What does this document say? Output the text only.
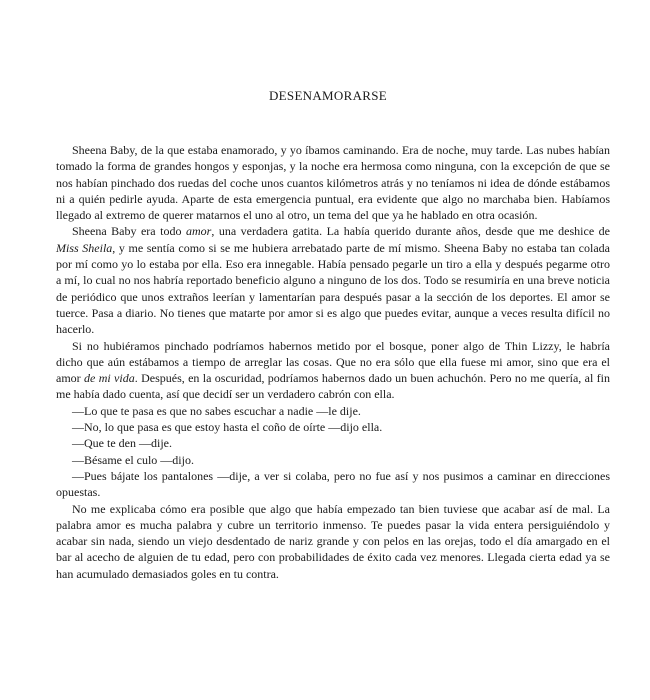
DESENAMORARSE

Sheena Baby, de la que estaba enamorado, y yo íbamos caminando. Era de noche, muy tarde. Las nubes habían tomado la forma de grandes hongos y esponjas, y la noche era hermosa como ninguna, con la excepción de que se nos habían pinchado dos ruedas del coche unos cuantos kilómetros atrás y no teníamos ni idea de dónde estábamos ni a quién pedirle ayuda. Aparte de esta emergencia puntual, era evidente que algo no marchaba bien. Habíamos llegado al extremo de querer matarnos el uno al otro, un tema del que ya he hablado en otra ocasión.

Sheena Baby era todo amor, una verdadera gatita. La había querido durante años, desde que me deshice de Miss Sheila, y me sentía como si se me hubiera arrebatado parte de mí mismo. Sheena Baby no estaba tan colada por mí como yo lo estaba por ella. Eso era innegable. Había pensado pegarle un tiro a ella y después pegarme otro a mí, lo cual no nos habría reportado beneficio alguno a ninguno de los dos. Todo se resumiría en una breve noticia de periódico que unos extraños leerían y lamentarían para después pasar a la sección de los deportes. El amor se tuerce. Pasa a diario. No tienes que matarte por amor si es algo que puedes evitar, aunque a veces resulta difícil no hacerlo.

Si no hubiéramos pinchado podríamos habernos metido por el bosque, poner algo de Thin Lizzy, le habría dicho que aún estábamos a tiempo de arreglar las cosas. Que no era sólo que ella fuese mi amor, sino que era el amor de mi vida. Después, en la oscuridad, podríamos habernos dado un buen achuchón. Pero no me quería, al fin me había dado cuenta, así que decidí ser un verdadero cabrón con ella.

—Lo que te pasa es que no sabes escuchar a nadie —le dije.

—No, lo que pasa es que estoy hasta el coño de oírte —dijo ella.

—Que te den —dije.

—Bésame el culo —dijo.

—Pues bájate los pantalones —dije, a ver si colaba, pero no fue así y nos pusimos a caminar en direcciones opuestas.

No me explicaba cómo era posible que algo que había empezado tan bien tuviese que acabar así de mal. La palabra amor es mucha palabra y cubre un territorio inmenso. Te puedes pasar la vida entera persiguiéndolo y acabar sin nada, siendo un viejo desdentado de nariz grande y con pelos en las orejas, todo el día amargado en el bar al acecho de alguien de tu edad, pero con probabilidades de éxito cada vez menores. Llegada cierta edad ya se han acumulado demasiados goles en tu contra.
